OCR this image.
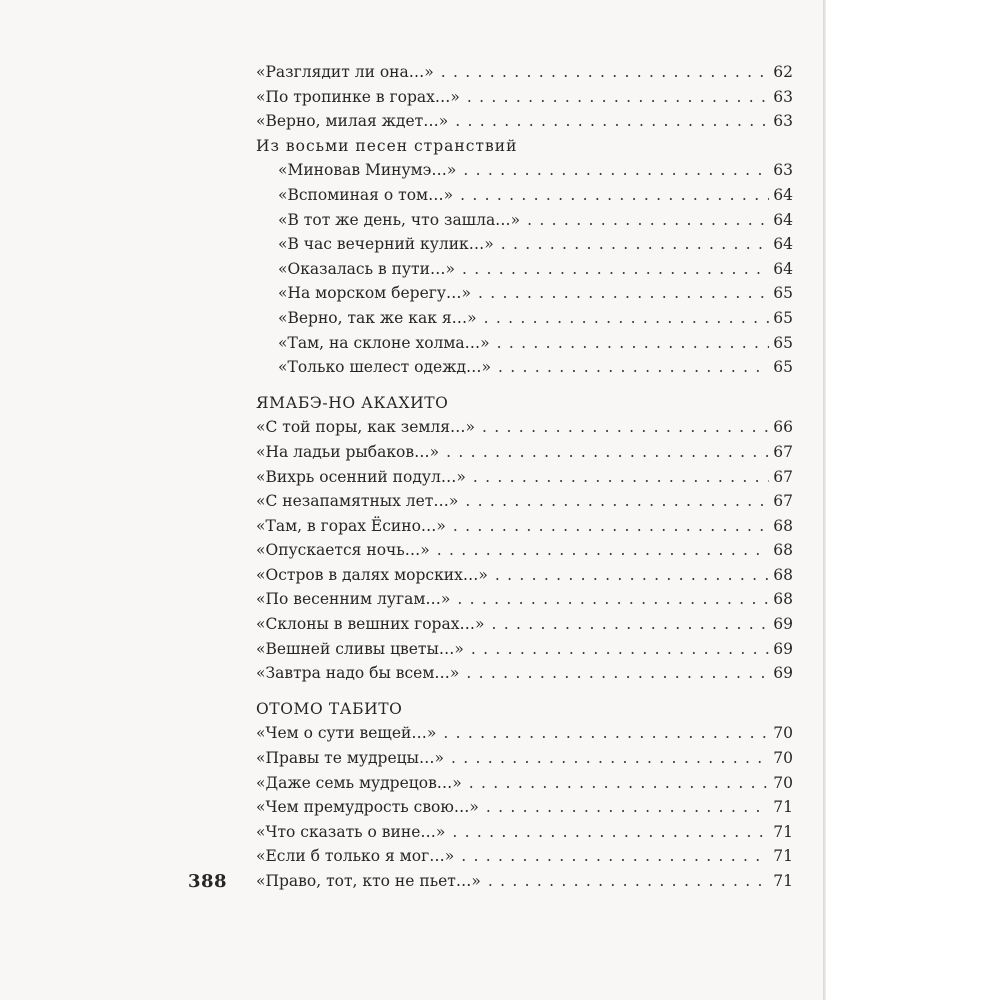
«Разглядит ли она…» . . .	62
«По тропинке в горах…» . . .	63
«Верно, милая ждет…» . . .	63
Из восьми песен странствий
«Миновав Минумэ…» . . .	63
«Вспоминая о том…» . . .	64
«В тот же день, что зашла…» . . .	64
«В час вечерний кулик…» . . .	64
«Оказалась в пути…» . . .	64
«На морском берегу…» . . .	65
«Верно, так же как я…» . . .	65
«Там, на склоне холма…» . . .	65
«Только шелест одежд…» . . .	65
ЯМАБЭ-НО АКАХИТО
«С той поры, как земля…» . . .	66
«На ладьи рыбаков…» . . .	67
«Вихрь осенний подул…» . . .	67
«С незапамятных лет…» . . .	67
«Там, в горах Ёсино…» . . .	68
«Опускается ночь…» . . .	68
«Остров в далях морских…» . . .	68
«По весенним лугам…» . . .	68
«Склоны в вешних горах…» . . .	69
«Вешней сливы цветы…» . . .	69
«Завтра надо бы всем…» . . .	69
ОТОМО ТАБИТО
«Чем о сути вещей…» . . .	70
«Правы те мудрецы…» . . .	70
«Даже семь мудрецов…» . . .	70
«Чем премудрость свою…» . . .	71
«Что сказать о вине…» . . .	71
«Если б только я мог…» . . .	71
«Право, тот, кто не пьет…» . . .	71
388
